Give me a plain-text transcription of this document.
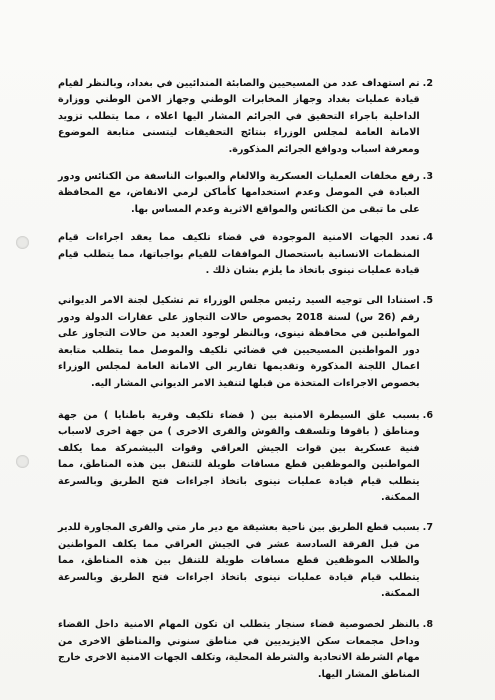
2.
تم استهداف عدد من المسيحيين والصابئة المندائيين في بغداد، وبالنظر لقيام قيادة عمليات بغداد وجهاز المخابرات الوطني وجهاز الامن الوطني ووزارة الداخلية باجراء التحقيق في الجرائم المشار اليها اعلاه ، مما يتطلب تزويد الامانة العامة لمجلس الوزراء بنتائج التحقيقات ليتسنى متابعة الموضوع ومعرفة اسباب ودوافع الجرائم المذكورة.
3.
رفع مخلفات العمليات العسكرية والالغام والعبوات الناسفة من الكنائس ودور العبادة في الموصل وعدم استخدامها كأماكن لرمي الانقاض، مع المحافظة على ما تبقى من الكنائس والمواقع الاثرية وعدم المساس بها.
4.
تعدد الجهات الامنية الموجودة في قضاء تلكيف مما يعقد اجراءات قيام المنظمات الانسانية باستحصال الموافقات للقيام بواجباتها، مما يتطلب قيام قيادة عمليات نينوى باتخاذ ما يلزم بشان ذلك .
5.
استنادا الى توجيه السيد رئيس مجلس الوزراء تم تشكيل لجنة الامر الديواني رقم (26 س) لسنة 2018 بخصوص حالات التجاوز على عقارات الدولة ودور المواطنين في محافظة نينوى، وبالنظر لوجود العديد من حالات التجاوز على دور المواطنين المسيحيين في قضائي تلكيف والموصل مما يتطلب متابعة اعمال اللجنة المذكورة وتقديمها تقارير الى الامانة العامة لمجلس الوزراء بخصوص الاجراءات المتخذة من قبلها لتنفيذ الامر الديواني المشار اليه.
6.
بسبب غلق السيطرة الامنية بين ( قضاء تلكيف وقرية باطنايا ) من جهة ومناطق ( باقوفا وتلسقف والقوش والقرى الاخرى ) من جهة اخرى لاسباب فنية عسكرية بين قوات الجيش العراقي وقوات البيشمركة مما يكلف المواطنين والموظفين قطع مسافات طويلة للتنقل بين هذه المناطق، مما يتطلب قيام قيادة عمليات نينوى باتخاذ اجراءات فتح الطريق وبالسرعة الممكنة.
7.
بسبب قطع الطريق بين ناحية بعشيقة مع دير مار متي والقرى المجاورة للدير من قبل الفرقة السادسة عشر في الجيش العراقي مما يكلف المواطنين والطلاب الموظفين قطع مسافات طويلة للتنقل بين هذه المناطق، مما يتطلب قيام قيادة عمليات نينوى باتخاذ اجراءات فتح الطريق وبالسرعة الممكنة.
8.
بالنظر لخصوصية قضاء سنجار يتطلب ان تكون المهام الامنية داخل القضاء وداخل مجمعات سكن الايزيديين في مناطق سنوني والمناطق الاخرى من مهام الشرطة الاتحادية والشرطة المحلية، وتكلف الجهات الامنية الاخرى خارج المناطق المشار اليها.
